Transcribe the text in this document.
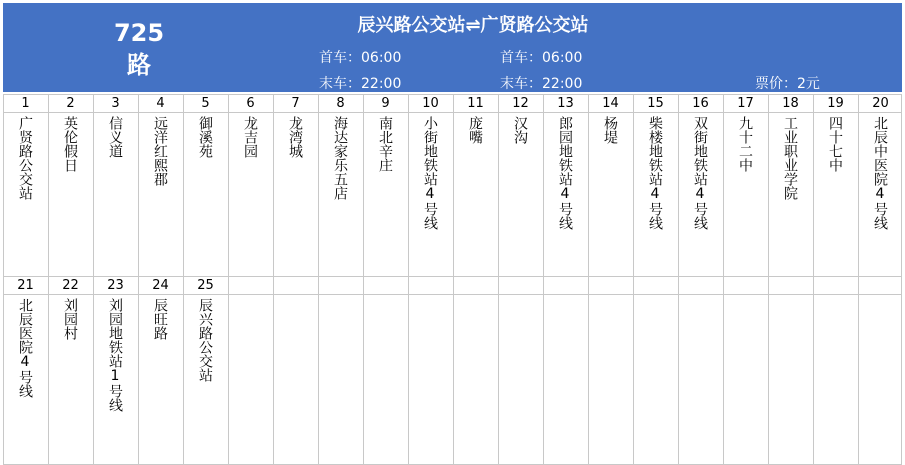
725
路
辰兴路公交站⇌广贤路公交站
首车：06:00
末车：22:00
首车：06:00
末车：22:00	票价：2元
1
广贤路公交站
2
英伦假日
3
信义道
4
远洋红熙郡
5
御溪苑
6
龙吉园
7
龙湾城
8
海达家乐五店
9
南北辛庄
10
小街地铁站4号线
11
庞嘴
12
汉沟
13
郎园地铁站4号线
14
杨堤
15
柴楼地铁站4号线
16
双街地铁站4号线
17
九十二中
18
工业职业学院
19
四十七中
20
北辰中医院4号线
21
北辰医院4号线
22
刘园村
23
刘园地铁站1号线
24
辰旺路
25
辰兴路公交站
